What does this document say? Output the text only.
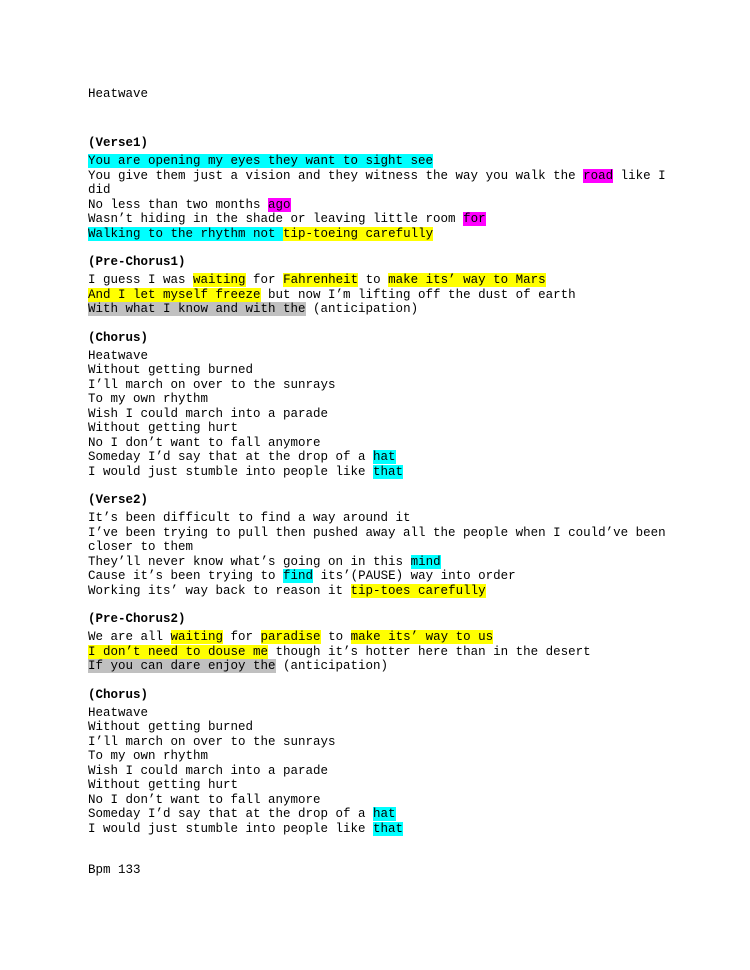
Heatwave
(Verse1)
You are opening my eyes they want to sight see
You give them just a vision and they witness the way you walk the road like I did
No less than two months ago
Wasn’t hiding in the shade or leaving little room for
Walking to the rhythm not tip-toeing carefully
(Pre-Chorus1)
I guess I was waiting for Fahrenheit to make its’ way to Mars
And I let myself freeze but now I’m lifting off the dust of earth
With what I know and with the (anticipation)
(Chorus)
Heatwave
Without getting burned
I’ll march on over to the sunrays
To my own rhythm
Wish I could march into a parade
Without getting hurt
No I don’t want to fall anymore
Someday I’d say that at the drop of a hat
I would just stumble into people like that
(Verse2)
It’s been difficult to find a way around it
I’ve been trying to pull then pushed away all the people when I could’ve been closer to them
They’ll never know what’s going on in this mind
Cause it’s been trying to find its’(PAUSE) way into order
Working its’ way back to reason it tip-toes carefully
(Pre-Chorus2)
We are all waiting for paradise to make its’ way to us
I don’t need to douse me though it’s hotter here than in the desert
If you can dare enjoy the (anticipation)
(Chorus)
Heatwave
Without getting burned
I’ll march on over to the sunrays
To my own rhythm
Wish I could march into a parade
Without getting hurt
No I don’t want to fall anymore
Someday I’d say that at the drop of a hat
I would just stumble into people like that
Bpm 133
